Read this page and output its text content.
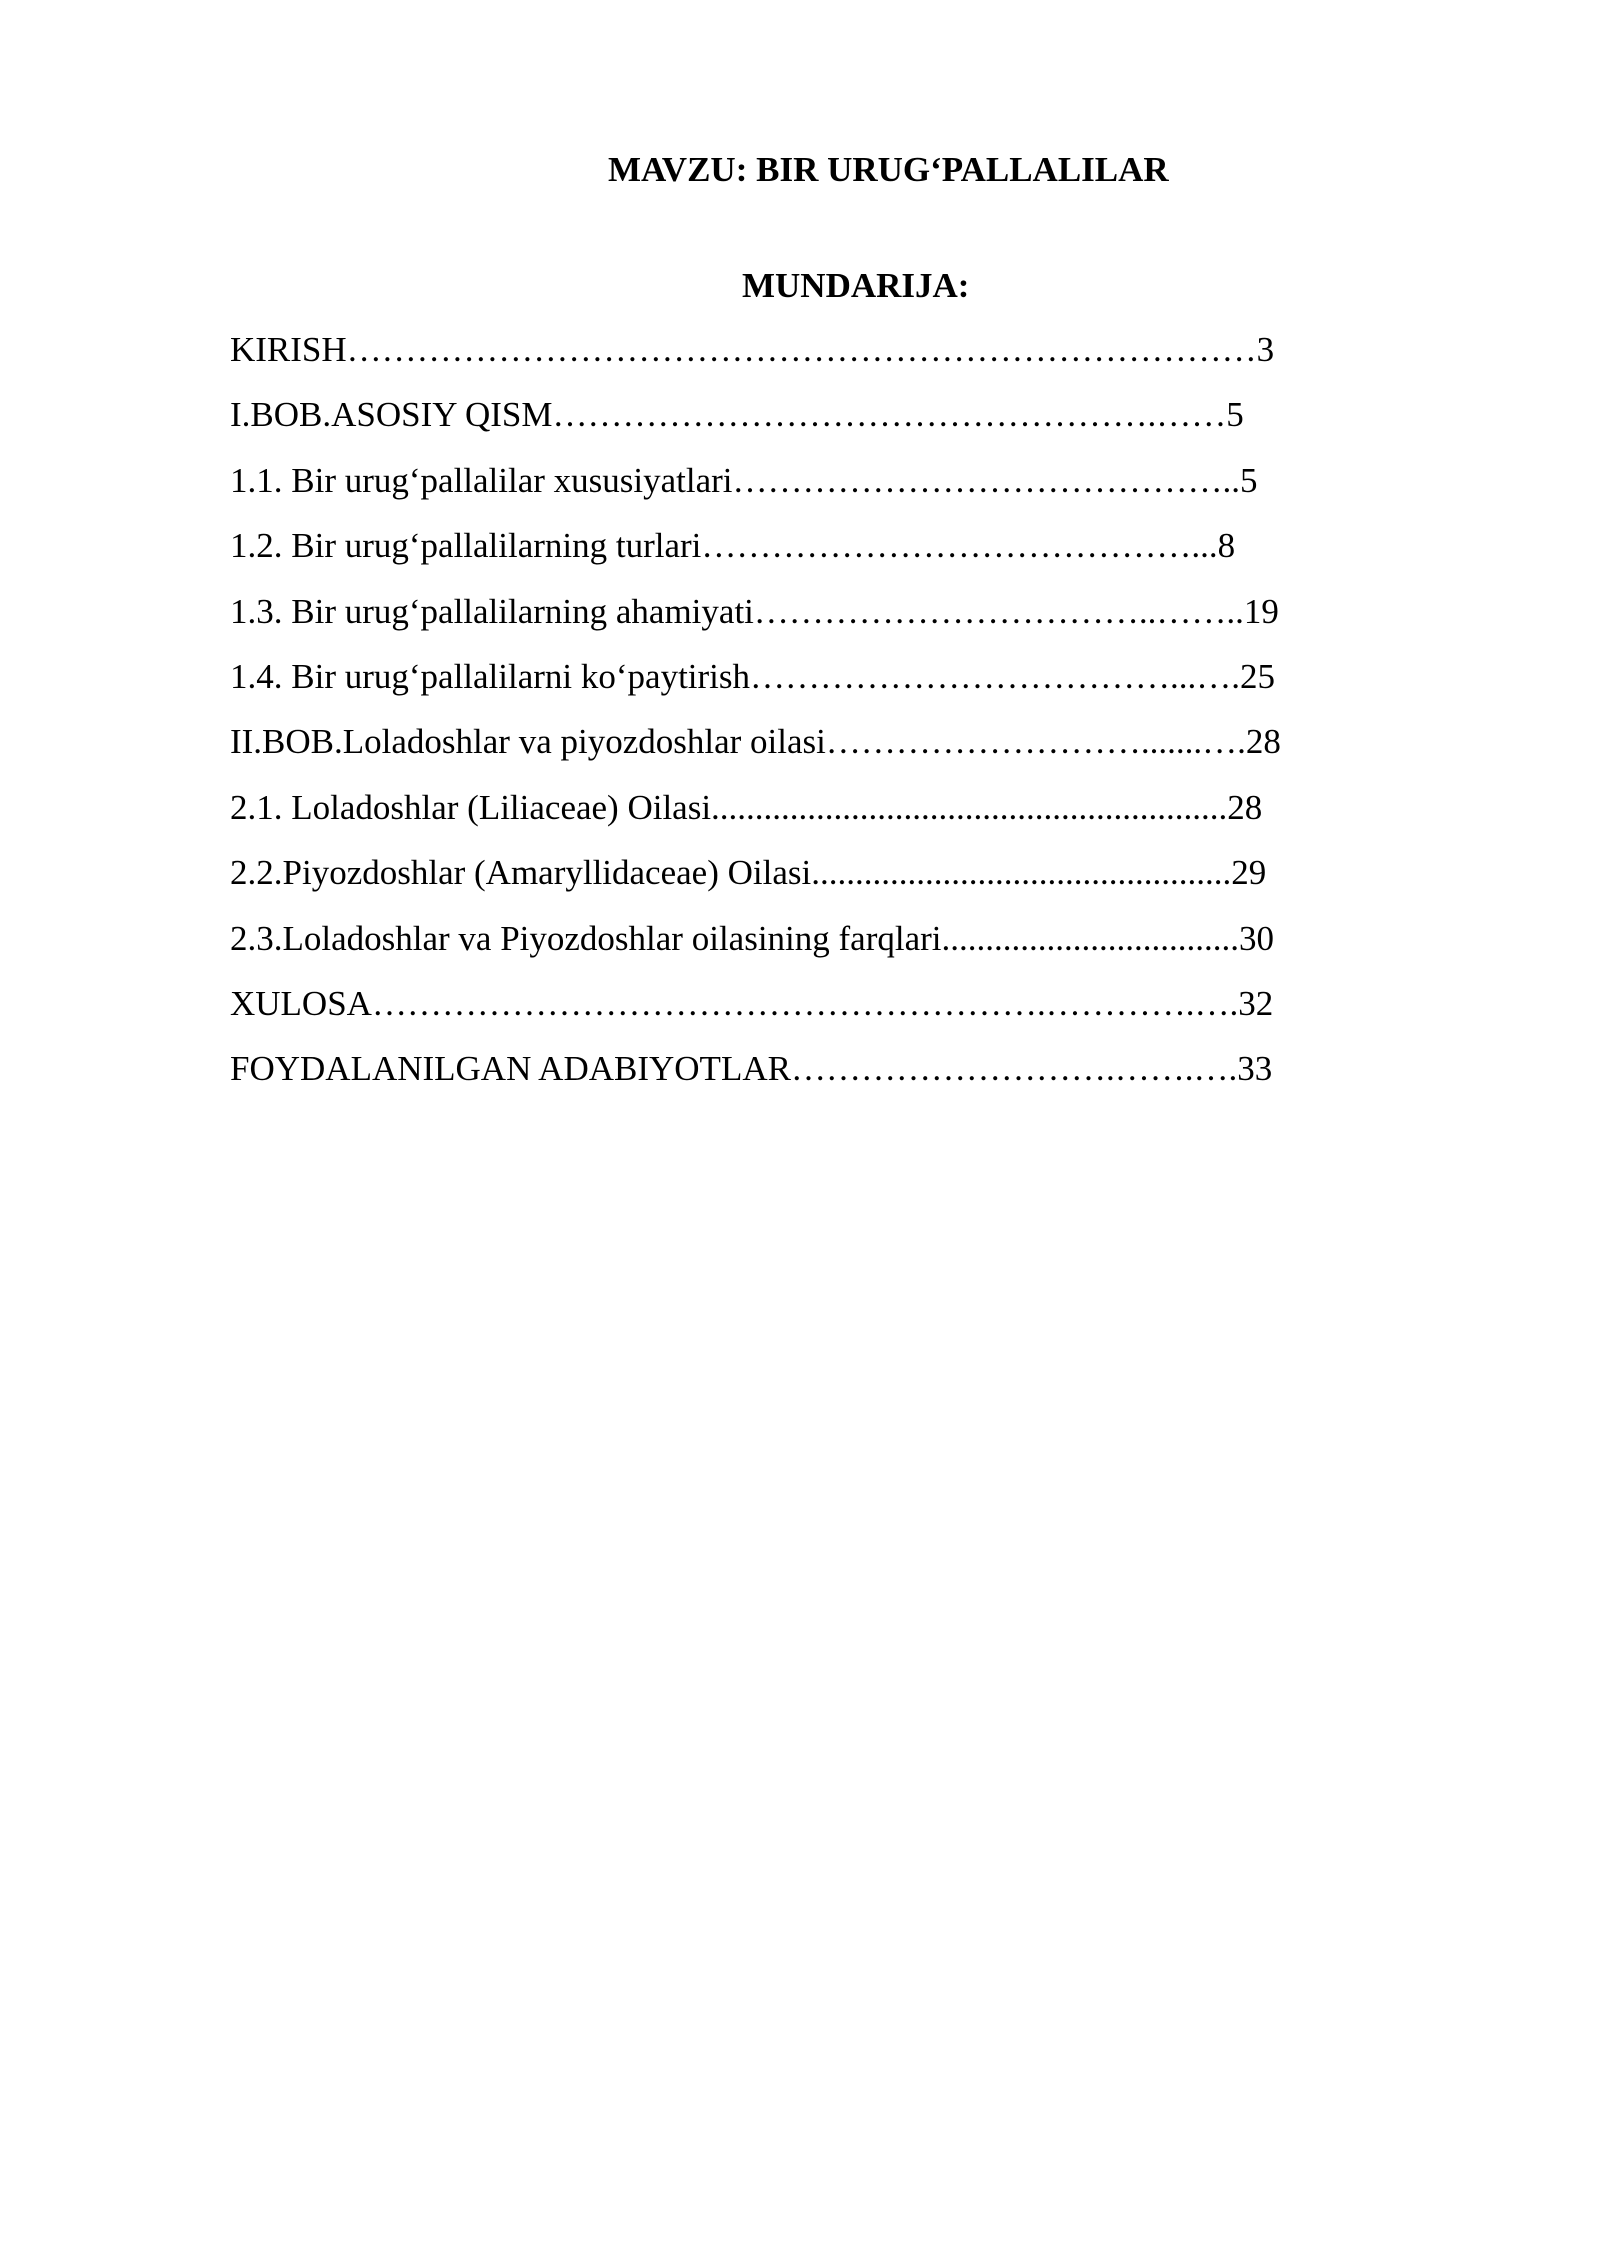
MAVZU: BIR URUG‘PALLALILAR
MUNDARIJA:
KIRISH……………………………………………………………………3
I.BOB.ASOSIY QISM…………………………………………….……5
1.1. Bir urug‘pallalilar xususiyatlari……………………………………..5
1.2. Bir urug‘pallalilarning turlari……………………………………...8
1.3. Bir urug‘pallalilarning ahamiyati……………………………..……..19
1.4. Bir urug‘pallalilarni ko‘paytirish………………………………...….25
II.BOB.Loladoshlar va piyozdoshlar oilasi……………………….......….28
2.1. Loladoshlar (Liliaceae) Oilasi...........................................................28
2.2.Piyozdoshlar (Amaryllidaceae) Oilasi................................................29
2.3.Loladoshlar va Piyozdoshlar oilasining farqlari..................................30
XULOSA………………………………………………….………….….32
FOYDALANILGAN ADABIYOTLAR……………………….…….….33
